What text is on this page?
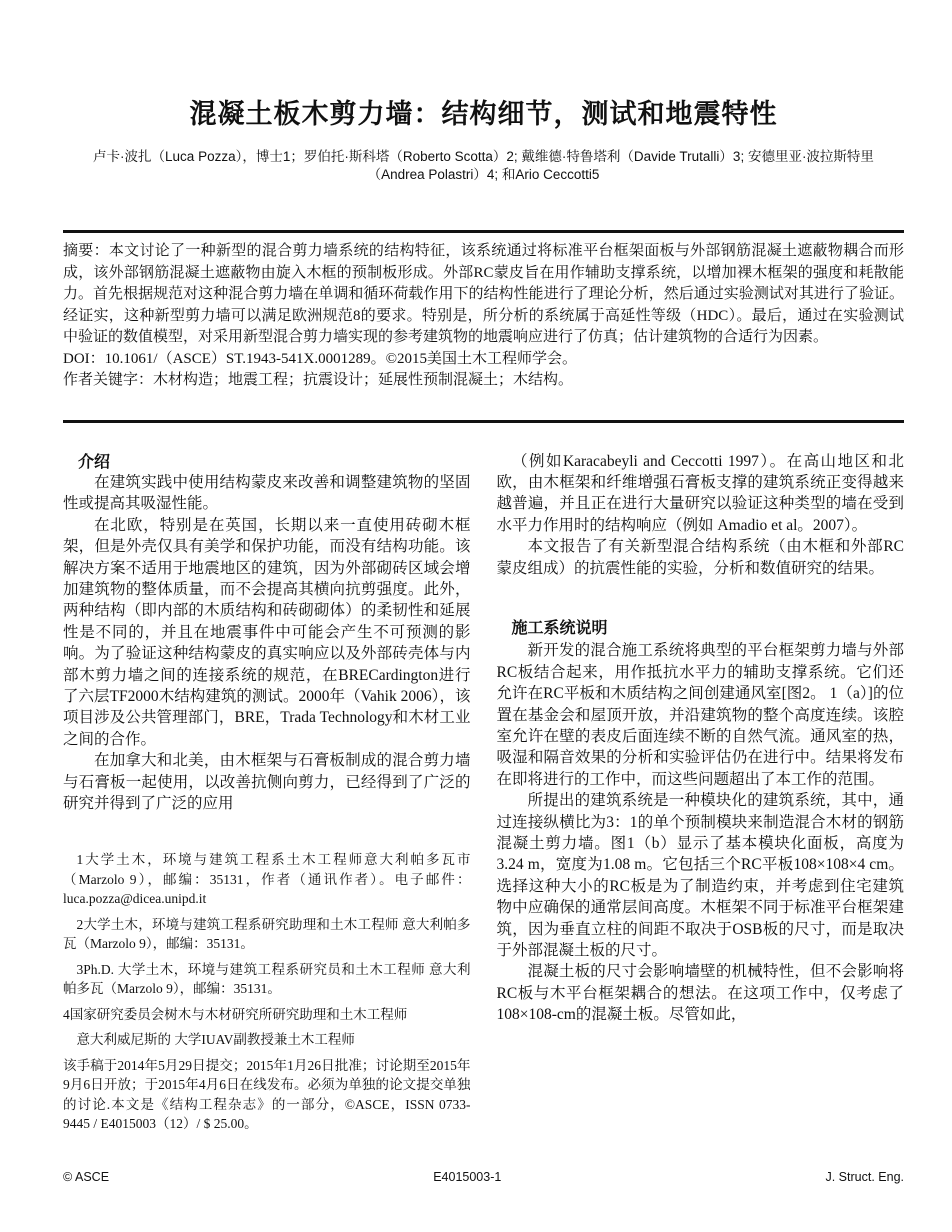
混凝土板木剪力墙：结构细节，测试和地震特性
卢卡·波扎（Luca Pozza），博士1；罗伯托·斯科塔（Roberto Scotta）2; 戴维德·特鲁塔利（Davide Trutalli）3; 安德里亚·波拉斯特里
（Andrea Polastri）4; 和Ario Ceccotti5

摘要：本文讨论了一种新型的混合剪力墙系统的结构特征，该系统通过将标准平台框架面板与外部钢筋混凝土遮蔽物耦合而形成，该外部钢筋混凝土遮蔽物由旋入木框的预制板形成。外部RC蒙皮旨在用作辅助支撑系统，以增加裸木框架的强度和耗散能力。首先根据规范对这种混合剪力墙在单调和循环荷载作用下的结构性能进行了理论分析，然后通过实验测试对其进行了验证。经证实，这种新型剪力墙可以满足欧洲规范8的要求。特别是，所分析的系统属于高延性等级（HDC）。最后，通过在实验测试中验证的数值模型，对采用新型混合剪力墙实现的参考建筑物的地震响应进行了仿真；估计建筑物的合适行为因素。

DOI：10.1061/（ASCE）ST.1943-541X.0001289。©2015美国土木工程师学会。

作者关键字：木材构造；地震工程；抗震设计；延展性预制混凝土；木结构。

介绍

在建筑实践中使用结构蒙皮来改善和调整建筑物的坚固性或提高其吸湿性能。

在北欧，特别是在英国，长期以来一直使用砖砌木框架，但是外壳仅具有美学和保护功能，而没有结构功能。该解决方案不适用于地震地区的建筑，因为外部砌砖区域会增加建筑物的整体质量，而不会提高其横向抗剪强度。此外，两种结构（即内部的木质结构和砖砌砌体）的柔韧性和延展性是不同的，并且在地震事件中可能会产生不可预测的影响。为了验证这种结构蒙皮的真实响应以及外部砖壳体与内部木剪力墙之间的连接系统的规范，在BRECardington进行了六层TF2000木结构建筑的测试。2000年（Vahik 2006），该项目涉及公共管理部门，BRE，Trada Technology和木材工业之间的合作。

在加拿大和北美，由木框架与石膏板制成的混合剪力墙与石膏板一起使用，以改善抗侧向剪力，已经得到了广泛的研究并得到了广泛的应用

1大学土木，环境与建筑工程系土木工程师意大利帕多瓦市（Marzolo 9），邮编：35131，作者（通讯作者）。电子邮件：luca.pozza@dicea.unipd.it

2大学土木，环境与建筑工程系研究助理和土木工程师 意大利帕多瓦（Marzolo 9），邮编：35131。

3Ph.D. 大学土木，环境与建筑工程系研究员和土木工程师 意大利帕多瓦（Marzolo 9），邮编：35131。

4国家研究委员会树木与木材研究所研究助理和土木工程师

意大利威尼斯的 大学IUAV副教授兼土木工程师

该手稿于2014年5月29日提交；2015年1月26日批准；讨论期至2015年9月6日开放；于2015年4月6日在线发布。必须为单独的论文提交单独的讨论.本文是《结构工程杂志》的一部分，©ASCE，ISSN 0733-9445 / E4015003（12）/ $ 25.00。

（例如Karacabeyli and Ceccotti 1997）。在高山地区和北欧，由木框架和纤维增强石膏板支撑的建筑系统正变得越来越普遍，并且正在进行大量研究以验证这种类型的墙在受到水平力作用时的结构响应（例如 Amadio et al。2007）。

本文报告了有关新型混合结构系统（由木框和外部RC蒙皮组成）的抗震性能的实验，分析和数值研究的结果。

施工系统说明

新开发的混合施工系统将典型的平台框架剪力墙与外部RC板结合起来，用作抵抗水平力的辅助支撑系统。它们还允许在RC平板和木质结构之间创建通风室[图2。 1（a）]的位置在基金会和屋顶开放，并沿建筑物的整个高度连续。该腔室允许在壁的表皮后面连续不断的自然气流。通风室的热，吸湿和隔音效果的分析和实验评估仍在进行中。结果将发布在即将进行的工作中，而这些问题超出了本工作的范围。

所提出的建筑系统是一种模块化的建筑系统，其中，通过连接纵横比为3：1的单个预制模块来制造混合木材的钢筋混凝土剪力墙。图1（b）显示了基本模块化面板，高度为3.24 m，宽度为1.08 m。它包括三个RC平板108×108×4 cm。选择这种大小的RC板是为了制造约束，并考虑到住宅建筑物中应确保的通常层间高度。木框架不同于标准平台框架建筑，因为垂直立柱的间距不取决于OSB板的尺寸，而是取决于外部混凝土板的尺寸。

混凝土板的尺寸会影响墙壁的机械特性，但不会影响将RC板与木平台框架耦合的想法。在这项工作中，仅考虑了108×108-cm的混凝土板。尽管如此，

© ASCE	E4015003-1	J. Struct. Eng.
